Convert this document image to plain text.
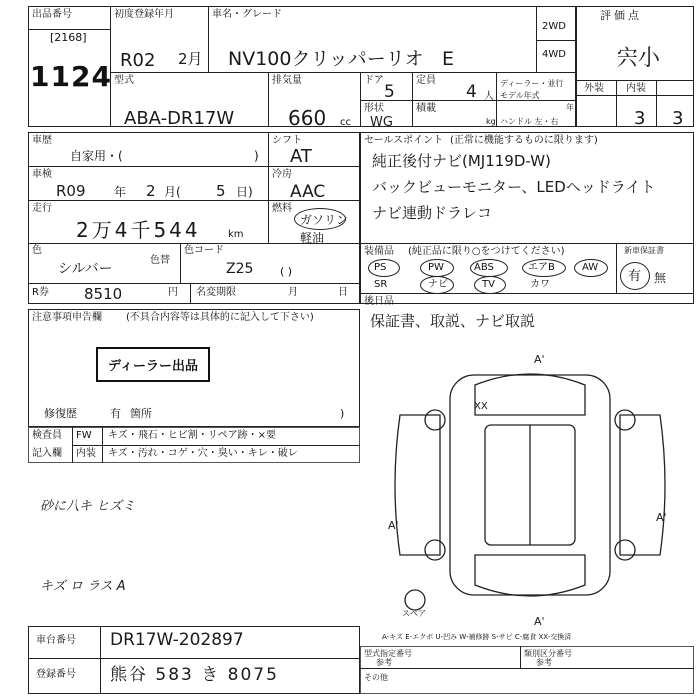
出品番号
[2168]
1124
初度登録年月
R02 2月
車名・グレード
NV100クリッパーリオ E
2WD
4WD
評価点
宍小
外装 内装
3 3
型式
ABA-DR17W
排気量
660 cc
ドア
5
定員
4 人
ディーラー・並行
モデル年式
年
形状
WG
積載
kg ハンドル 左・右
車歴
自家用・(	)
シフト
AT
車検
R09 年 2 月( 5 日)
冷房
AAC
走行
2万4千544	km
燃料
ガソリン
軽油
色
シルバー
色替
色コード
Z25 ( )
R券 8510	円 名変期限	月	日
セールスポイント (正常に機能するものに限ります)
純正後付ナビ(MJ119D-W)
バックビューモニター、LEDヘッドライト
ナビ連動ドラレコ
装備品 (純正品に限り○をつけてください)	新車保証書
PS	PW	ABS	エアB	AW
SR	ナビ	TV	カワ
有 無
後日品
保証書、取説、ナビ取説
注意事項申告欄 (不具合内容等は具体的に記入して下さい)
ディーラー出品
修復歴	有 箇所	)
検査員
記入欄
FW キズ・飛石・ヒビ割・リペア跡・×要
内装 キズ・汚れ・コゲ・穴・臭い・キレ・破レ
砂に八キ ヒズミ
キズ ロ ラス A
A'
A'
XX
A'
A'
スペア
A-キズ E-エクボ U-凹み W-補修跡 S-サビ C-腐食 XX-交換済
車台番号 DR17W-202897
登録番号 熊谷 583 き 8075
型式指定番号
参考
類別区分番号
参考
その他
